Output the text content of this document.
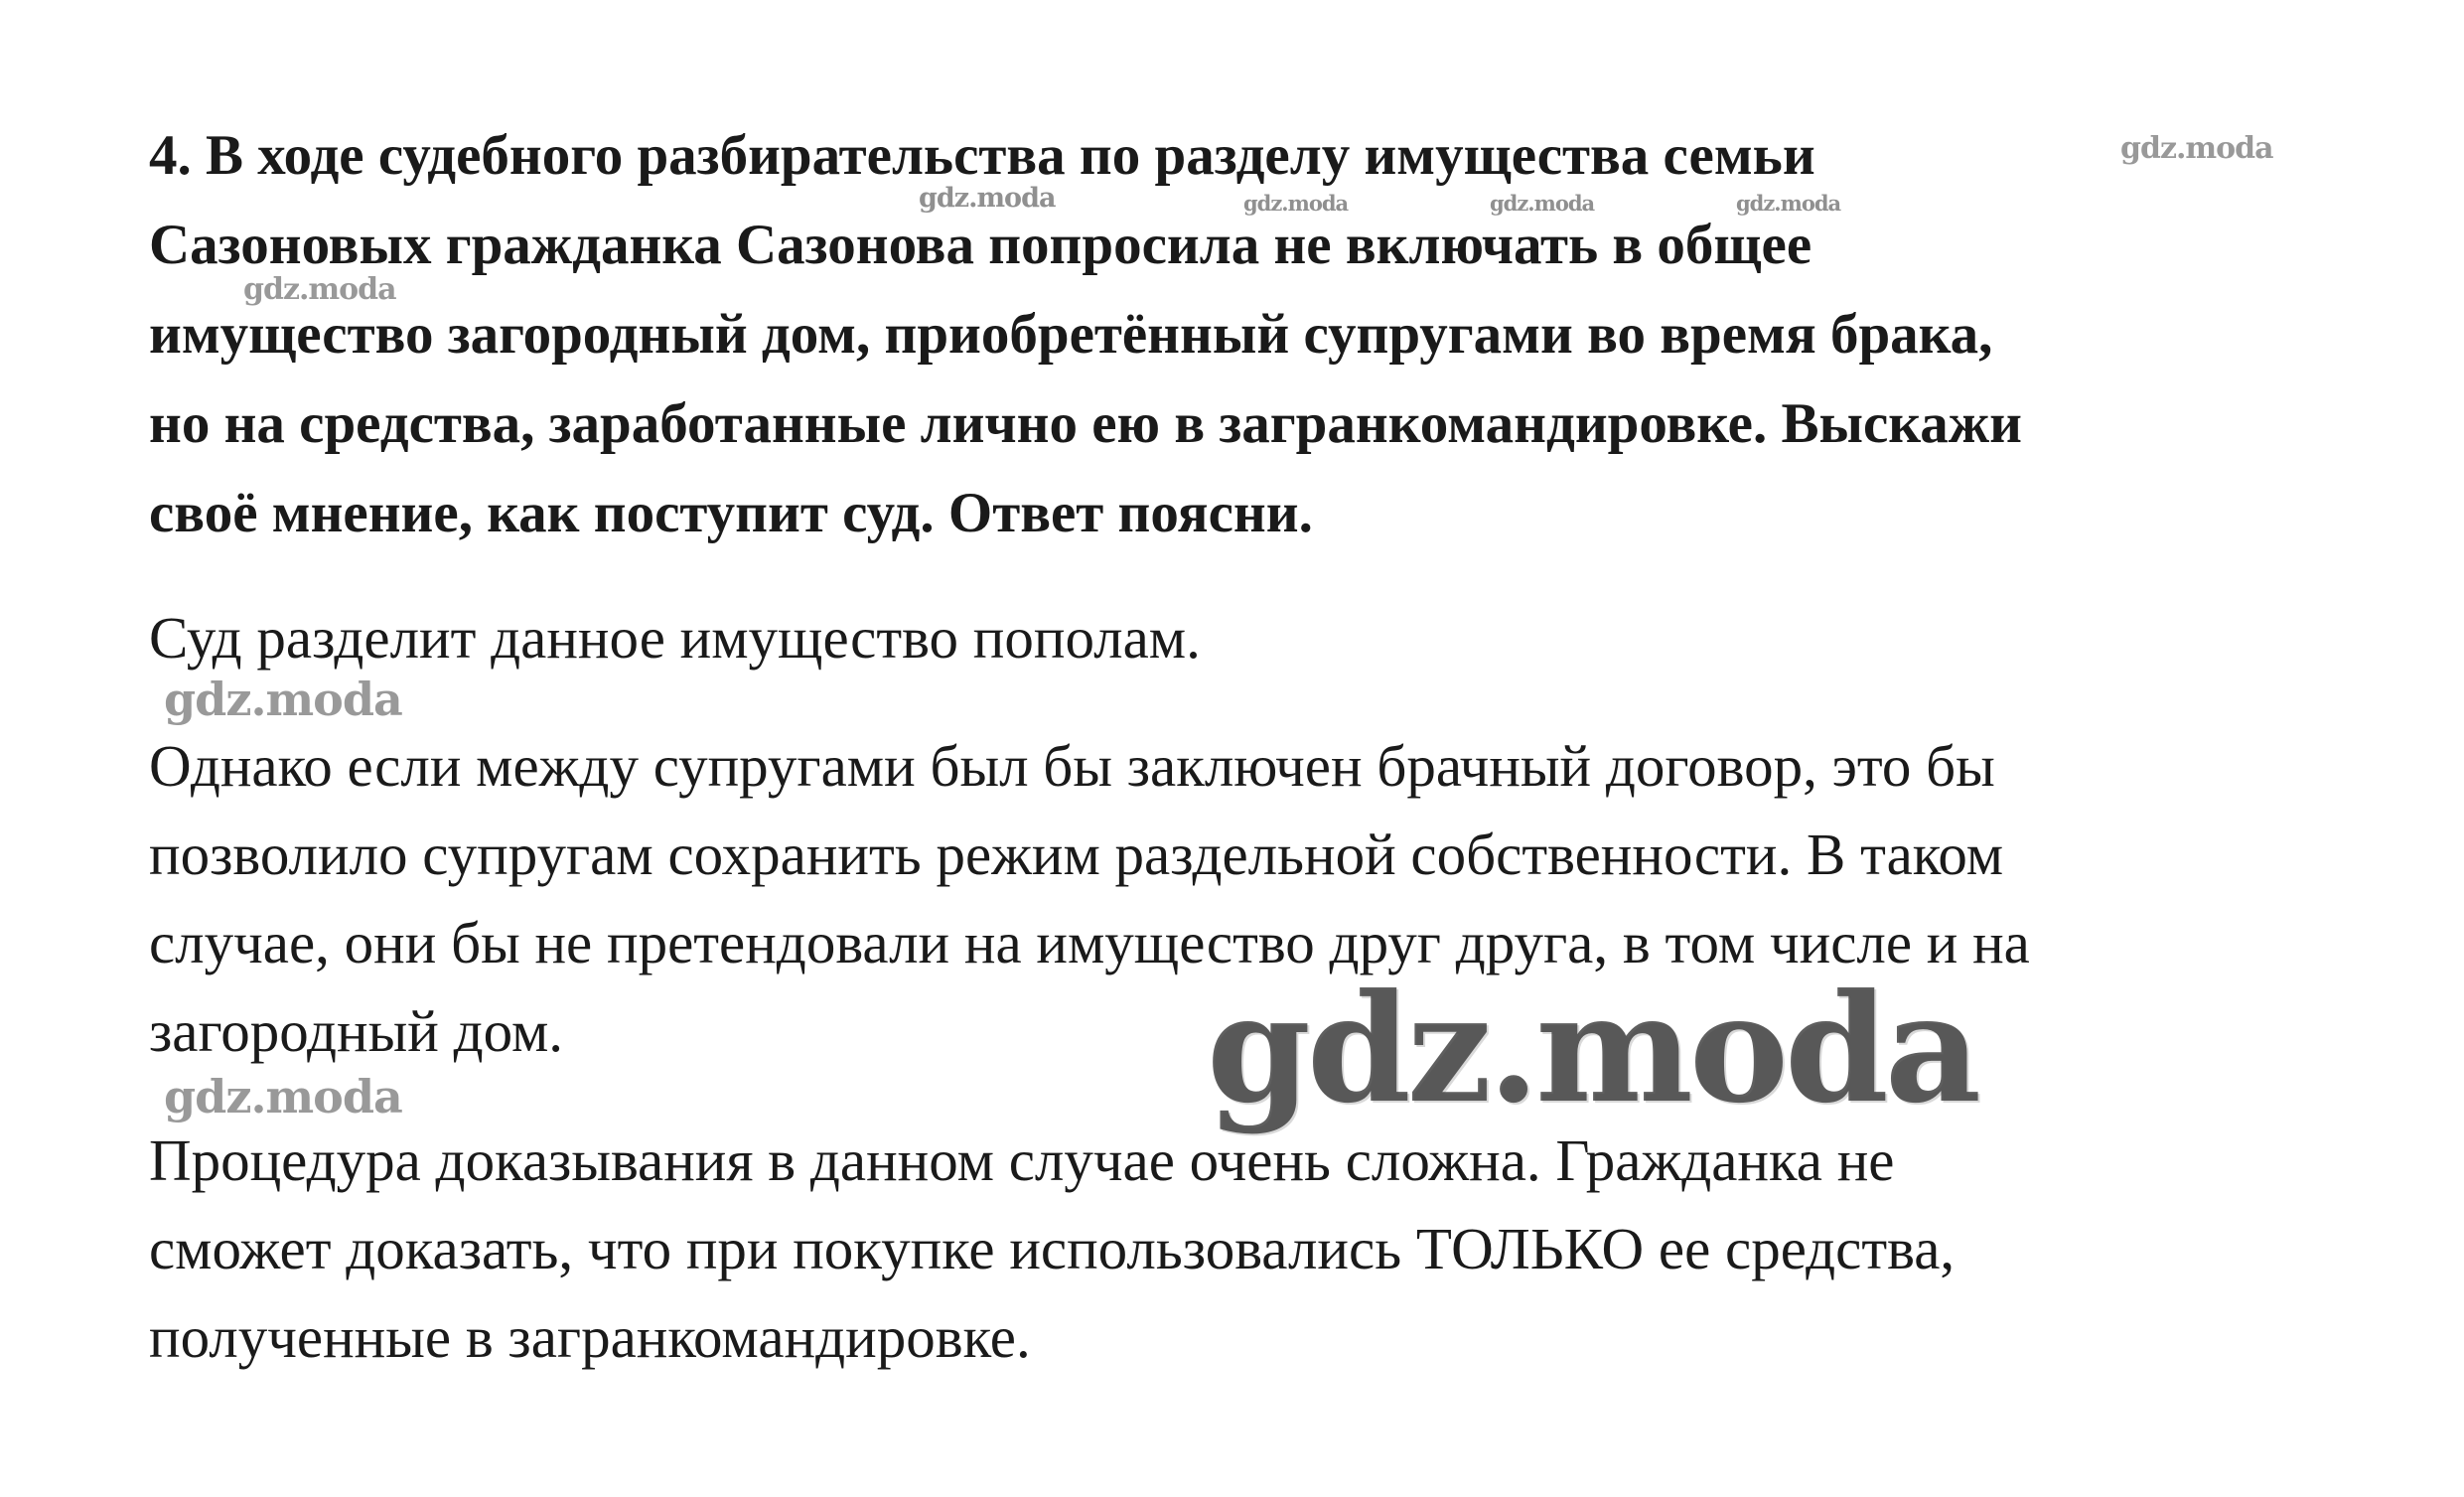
4. В ходе судебного разбирательства по разделу имущества семьи
Сазоновых гражданка Сазонова попросила не включать в общее
имущество загородный дом, приобретённый супругами во время брака,
но на средства, заработанные лично ею в загранкомандировке. Выскажи
своё мнение, как поступит суд. Ответ поясни.
Суд разделит данное имущество пополам.
Однако если между супругами был бы заключен брачный договор, это бы
позволило супругам сохранить режим раздельной собственности. В таком
случае, они бы не претендовали на имущество друг друга, в том числе и на
загородный дом.
Процедура доказывания в данном случае очень сложна. Гражданка не
сможет доказать, что при покупке использовались ТОЛЬКО ее средства,
полученные в загранкомандировке.
gdz.moda
gdz.moda	gdz.moda	gdz.moda	gdz.moda
gdz.moda
gdz.moda
gdz.moda
gdz.moda
